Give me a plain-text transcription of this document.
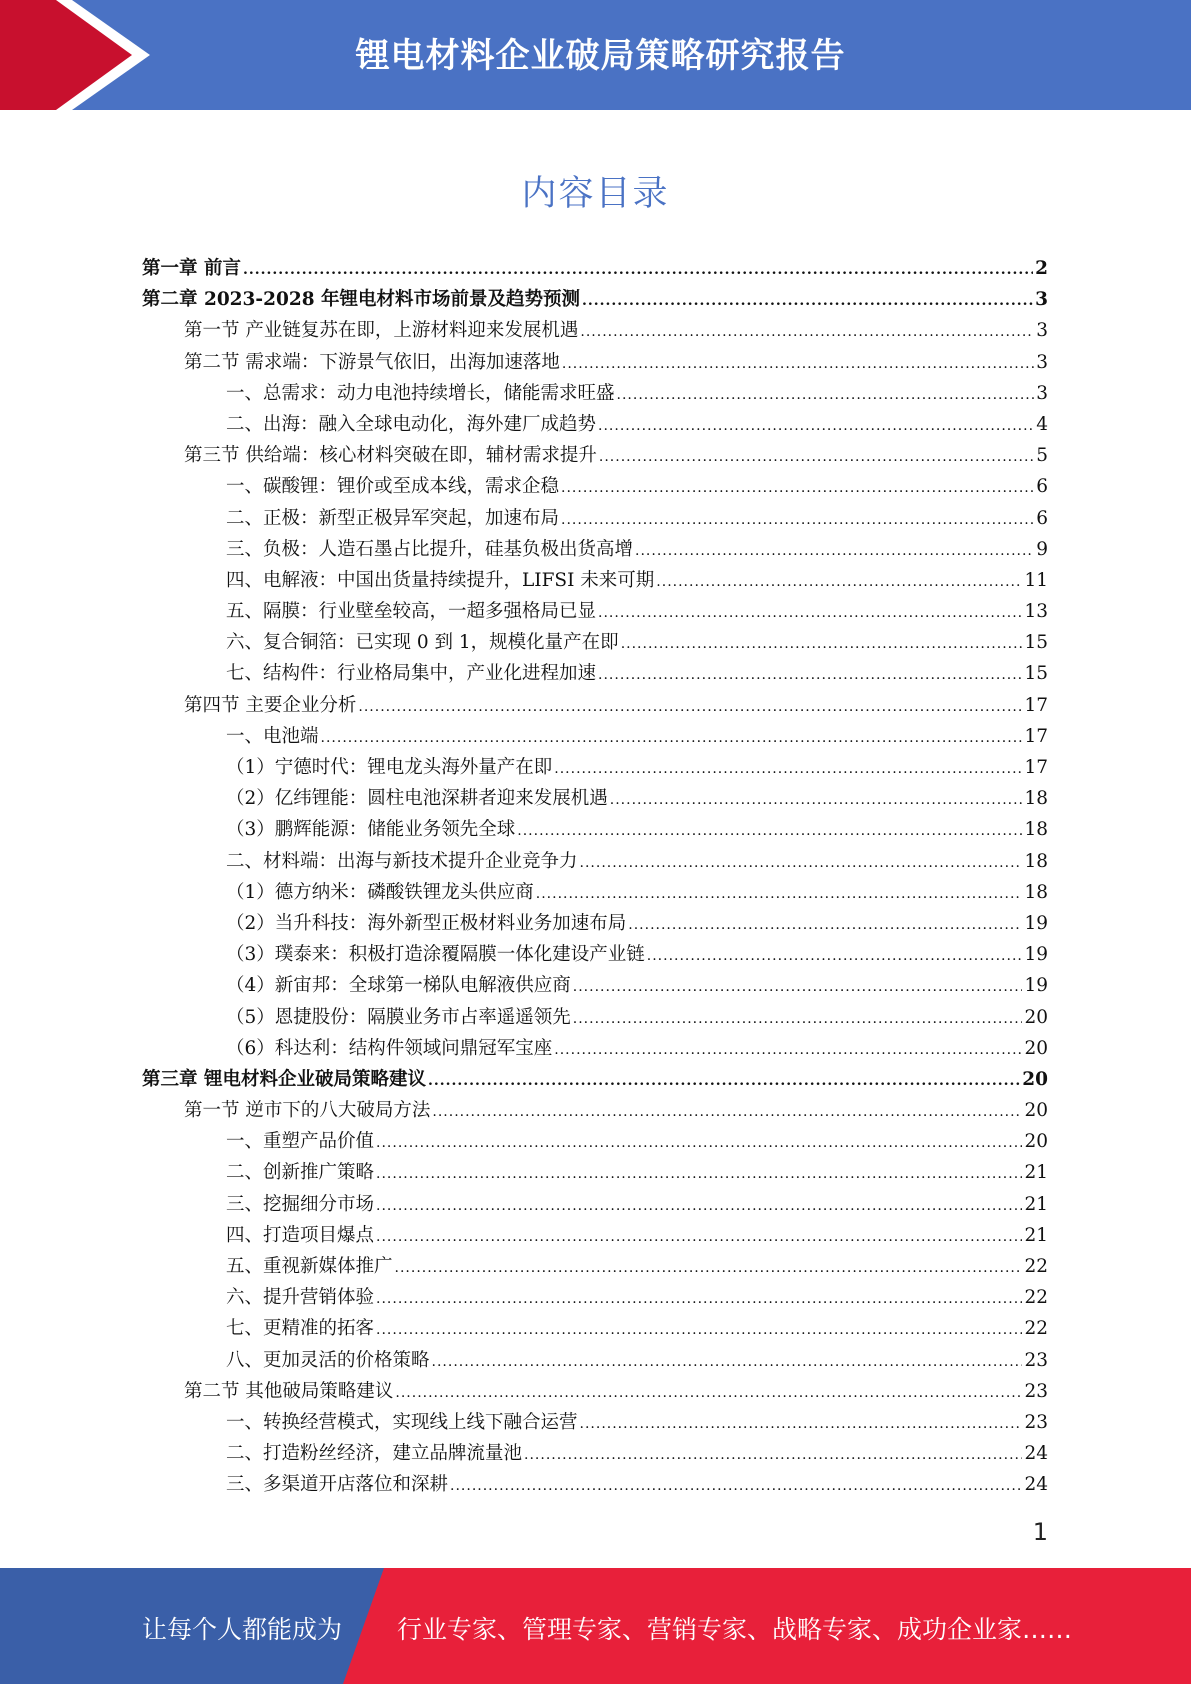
锂电材料企业破局策略研究报告
内容目录
第一章 前言 .....	2
第二章 2023-2028 年锂电材料市场前景及趋势预测 .....	3
第一节 产业链复苏在即，上游材料迎来发展机遇 .....	3
第二节 需求端：下游景气依旧，出海加速落地 .....	3
一、总需求：动力电池持续增长，储能需求旺盛 .....	3
二、出海：融入全球电动化，海外建厂成趋势 .....	4
第三节 供给端：核心材料突破在即，辅材需求提升 .....	5
一、碳酸锂：锂价或至成本线，需求企稳 .....	6
二、正极：新型正极异军突起，加速布局 .....	6
三、负极：人造石墨占比提升，硅基负极出货高增 .....	9
四、电解液：中国出货量持续提升，LIFSI 未来可期 .....	11
五、隔膜：行业壁垒较高，一超多强格局已显 .....	13
六、复合铜箔：已实现 0 到 1，规模化量产在即 .....	15
七、结构件：行业格局集中，产业化进程加速 .....	15
第四节 主要企业分析 .....	17
一、电池端 .....	17
（1）宁德时代：锂电龙头海外量产在即 .....	17
（2）亿纬锂能：圆柱电池深耕者迎来发展机遇 .....	18
（3）鹏辉能源：储能业务领先全球 .....	18
二、材料端：出海与新技术提升企业竞争力 .....	18
（1）德方纳米：磷酸铁锂龙头供应商 .....	18
（2）当升科技：海外新型正极材料业务加速布局 .....	19
（3）璞泰来：积极打造涂覆隔膜一体化建设产业链 .....	19
（4）新宙邦：全球第一梯队电解液供应商 .....	19
（5）恩捷股份：隔膜业务市占率遥遥领先 .....	20
（6）科达利：结构件领域问鼎冠军宝座 .....	20
第三章 锂电材料企业破局策略建议 .....	20
第一节 逆市下的八大破局方法 .....	20
一、重塑产品价值 .....	20
二、创新推广策略 .....	21
三、挖掘细分市场 .....	21
四、打造项目爆点 .....	21
五、重视新媒体推广 .....	22
六、提升营销体验 .....	22
七、更精准的拓客 .....	22
八、更加灵活的价格策略 .....	23
第二节 其他破局策略建议 .....	23
一、转换经营模式，实现线上线下融合运营 .....	23
二、打造粉丝经济，建立品牌流量池 .....	24
三、多渠道开店落位和深耕 .....	24
1
让每个人都能成为 行业专家、管理专家、营销专家、战略专家、成功企业家……
